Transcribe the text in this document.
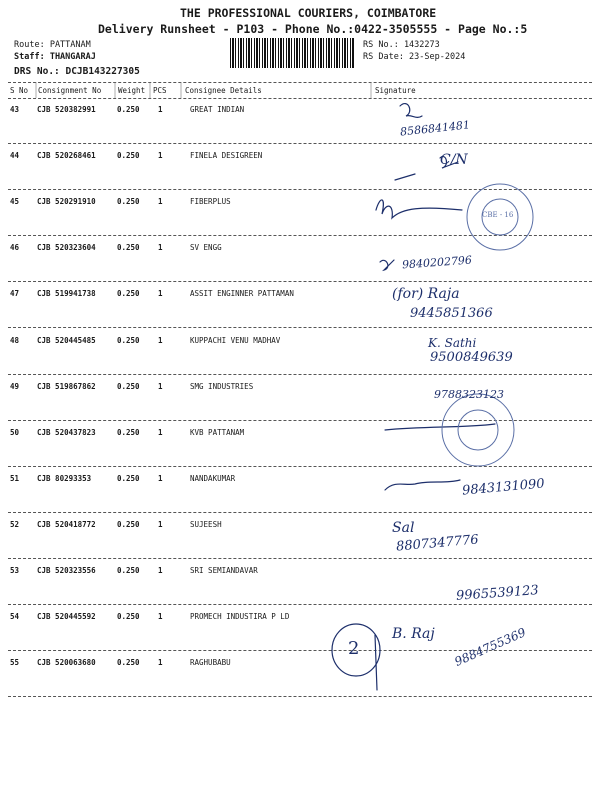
THE PROFESSIONAL COURIERS, COIMBATORE
Delivery Runsheet - P103 - Phone No.:0422-3505555 - Page No.:5
Route: PATTANAM
Staff: THANGARAJ
DRS No.: DCJB143227305
RS No.: 1432273
RS Date: 23-Sep-2024
S No Consignment No Weight PCS Consignee Details	Signature
43 CJB 520382991	0.250 1	GREAT INDIAN
44 CJB 520268461	0.250 1	FINELA DESIGREEN
45 CJB 520291910	0.250 1	FIBERPLUS
46 CJB 520323604	0.250 1	SV ENGG
47 CJB 519941738	0.250 1	ASSIT ENGINNER PATTAMAN
48 CJB 520445485	0.250 1	KUPPACHI VENU MADHAV
49 CJB 519867862	0.250 1	SMG INDUSTRIES
50 CJB 520437823	0.250 1	KVB PATTANAM
51 CJB 80293353	0.250 1	NANDAKUMAR
52 CJB 520418772	0.250 1	SUJEESH
53 CJB 520323556	0.250 1	SRI SEMIANDAVAR
54 CJB 520445592	0.250 1	PROMECH INDUSTIRA P LD
55 CJB 520063680	0.250 1	RAGHUBABU
8586841481
C/N
CBE - 16
9840202796
(for) Raja
9445851366
K. Sathi
9500849639
9788323123
9843131090
Sal
8807347776
9965539123
2
B. Raj 9884755369
